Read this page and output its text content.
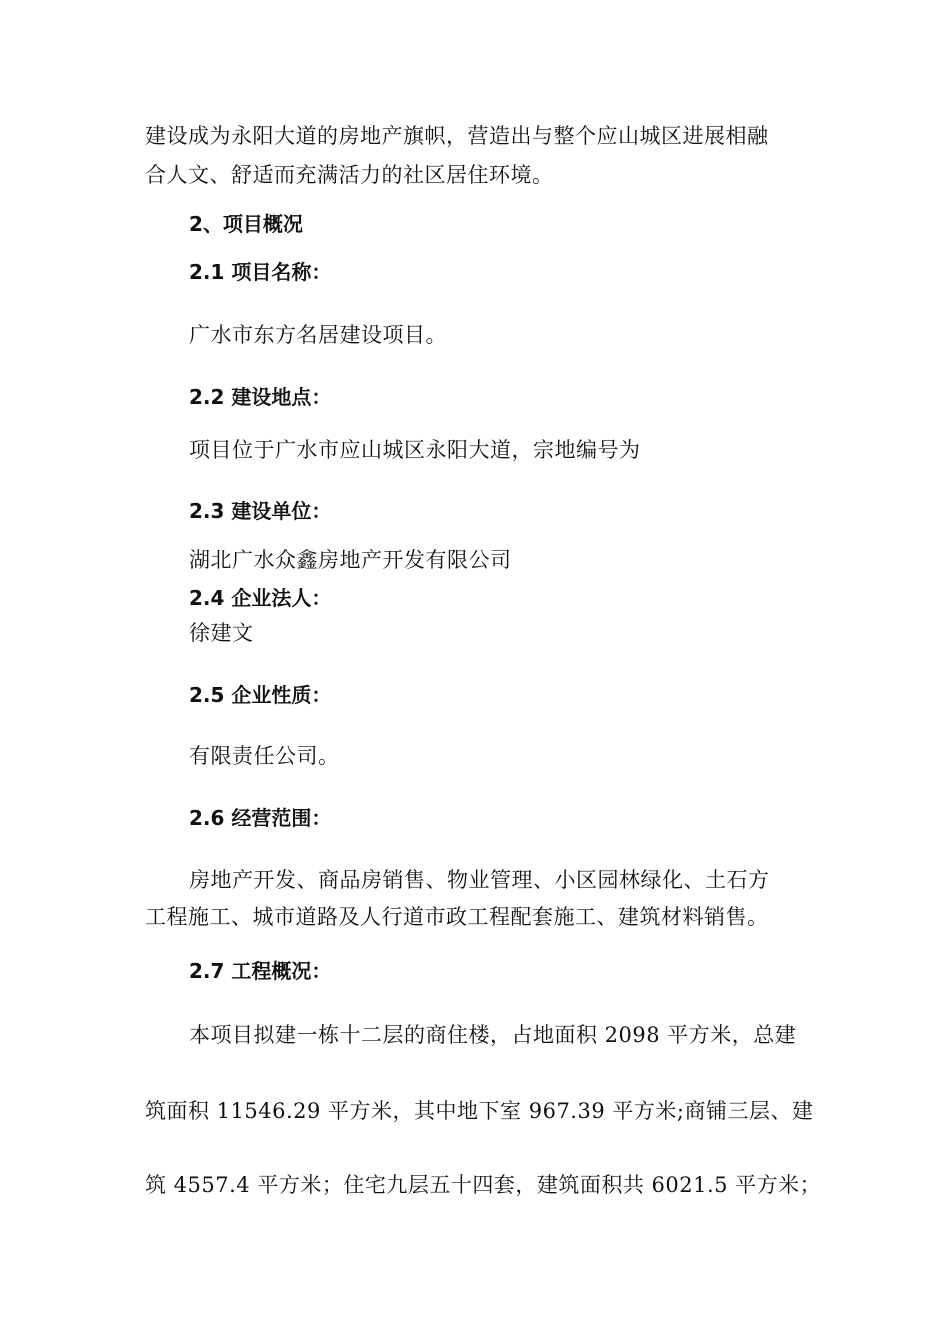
建设成为永阳大道的房地产旗帜，营造出与整个应山城区进展相融
合人文、舒适而充满活力的社区居住环境。
2、项目概况
2.1 项目名称：
广水市东方名居建设项目。
2.2 建设地点：
项目位于广水市应山城区永阳大道，宗地编号为
2.3 建设单位：
湖北广水众鑫房地产开发有限公司
2.4 企业法人：
徐建文
2.5 企业性质：
有限责任公司。
2.6 经营范围：
房地产开发、商品房销售、物业管理、小区园林绿化、土石方
工程施工、城市道路及人行道市政工程配套施工、建筑材料销售。
2.7 工程概况：
本项目拟建一栋十二层的商住楼，占地面积 2098 平方米，总建
筑面积 11546.29 平方米，其中地下室 967.39 平方米;商铺三层、建
筑 4557.4 平方米；住宅九层五十四套，建筑面积共 6021.5 平方米；
